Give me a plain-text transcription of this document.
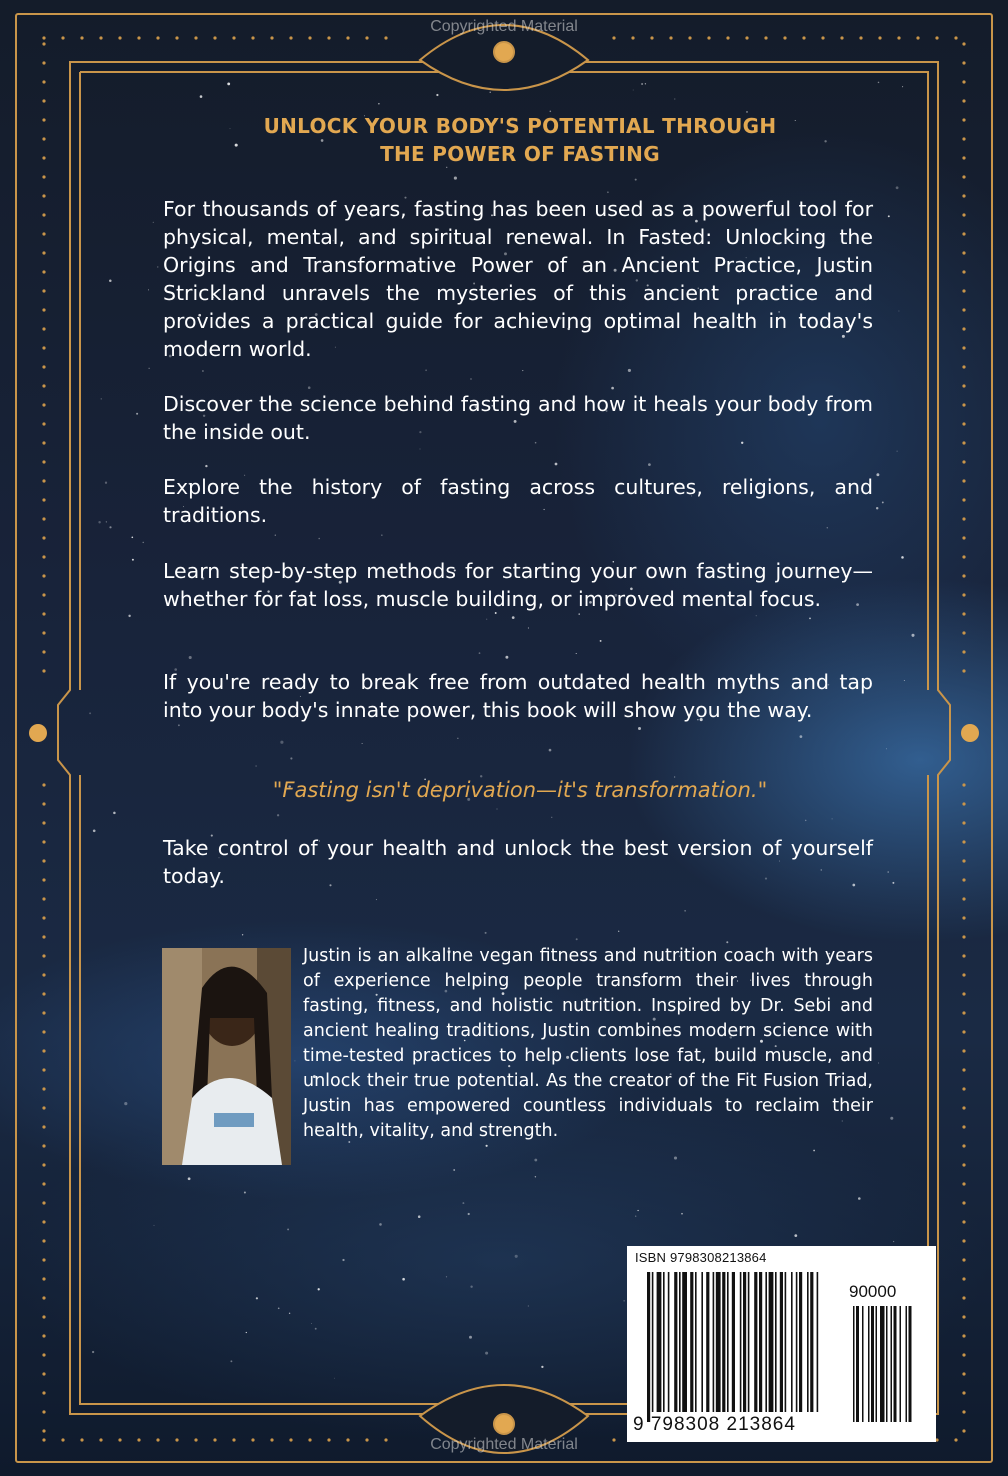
Copyrighted Material
UNLOCK YOUR BODY'S POTENTIAL THROUGH
THE POWER OF FASTING
For thousands of years, fasting has been used as a powerful tool for physical, mental, and spiritual renewal. In Fasted: Unlocking the Origins and Transformative Power of an Ancient Practice, Justin Strickland unravels the mysteries of this ancient practice and provides a practical guide for achieving optimal health in today's modern world.
Discover the science behind fasting and how it heals your body from the inside out.
Explore the history of fasting across cultures, religions, and traditions.
Learn step-by-step methods for starting your own fasting journey—whether for fat loss, muscle building, or improved mental focus.
If you're ready to break free from outdated health myths and tap into your body's innate power, this book will show you the way.
"Fasting isn't deprivation—it's transformation."
Take control of your health and unlock the best version of yourself today.
Justin is an alkaline vegan fitness and nutrition coach with years of experience helping people transform their lives through fasting, fitness, and holistic nutrition. Inspired by Dr. Sebi and ancient healing traditions, Justin combines modern science with time-tested practices to help clients lose fat, build muscle, and unlock their true potential. As the creator of the Fit Fusion Triad, Justin has empowered countless individuals to reclaim their health, vitality, and strength.
ISBN 9798308213864
90000
9 798308 213864
Copyrighted Material
